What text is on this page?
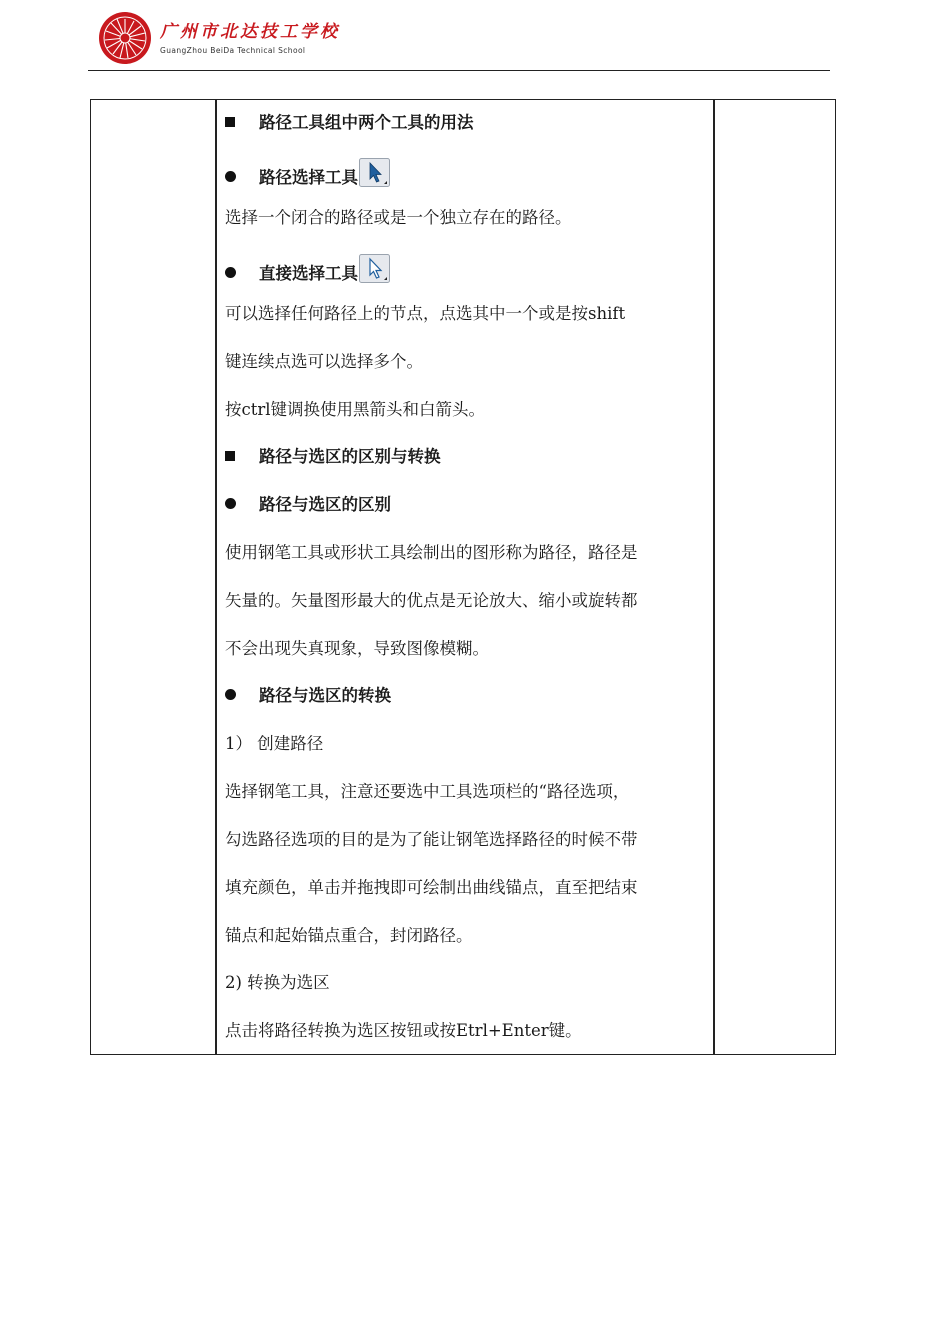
广州市北达技工学校
GuangZhou BeiDa Technical School
路径工具组中两个工具的用法
路径选择工具
选择一个闭合的路径或是一个独立存在的路径。
直接选择工具
可以选择任何路径上的节点，点选其中一个或是按shift
键连续点选可以选择多个。
按ctrl键调换使用黑箭头和白箭头。
路径与选区的区别与转换
路径与选区的区别
使用钢笔工具或形状工具绘制出的图形称为路径，路径是
矢量的。矢量图形最大的优点是无论放大、缩小或旋转都
不会出现失真现象，导致图像模糊。
路径与选区的转换
1） 创建路径
选择钢笔工具，注意还要选中工具选项栏的“路径选项，
勾选路径选项的目的是为了能让钢笔选择路径的时候不带
填充颜色，单击并拖拽即可绘制出曲线锚点，直至把结束
锚点和起始锚点重合，封闭路径。
2) 转换为选区
点击将路径转换为选区按钮或按Etrl+Enter键。
